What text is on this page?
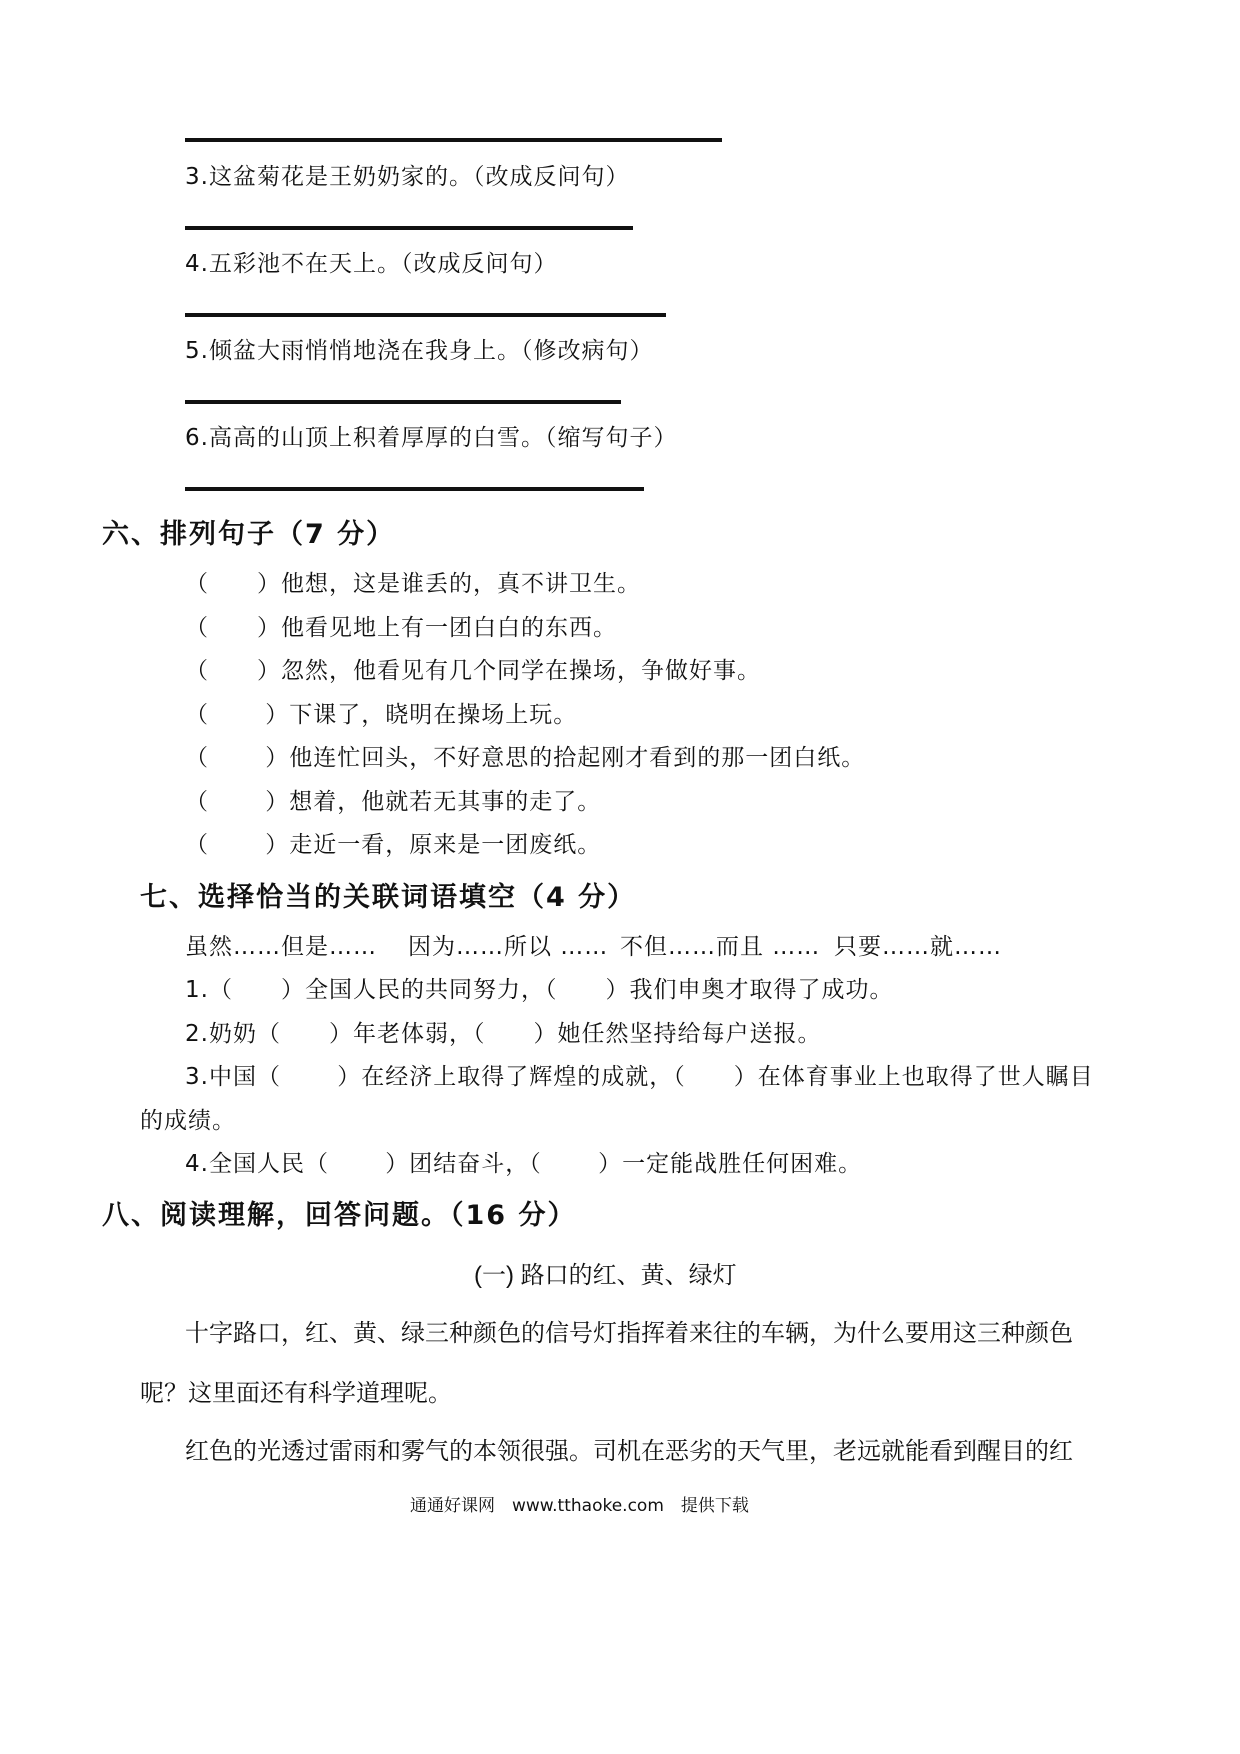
3.这盆菊花是王奶奶家的。（改成反问句）
4.五彩池不在天上。（改成反问句）
5.倾盆大雨悄悄地浇在我身上。（修改病句）
6.高高的山顶上积着厚厚的白雪。（缩写句子）
六、排列句子（7 分）
（　　）他想，这是谁丢的，真不讲卫生。
（　　）他看见地上有一团白白的东西。
（　　）忽然，他看见有几个同学在操场，争做好事。
（　　 ）下课了，晓明在操场上玩。
（　　 ）他连忙回头，不好意思的拾起刚才看到的那一团白纸。
（　　 ）想着，他就若无其事的走了。
（　　 ）走近一看，原来是一团废纸。
七、选择恰当的关联词语填空（4 分）
虽然……但是…… 因为……所以 …… 不但……而且 …… 只要……就……
1.（　　）全国人民的共同努力，（　　）我们申奥才取得了成功。
2.奶奶（　　）年老体弱，（　　）她任然坚持给每户送报。
3.中国（　　 ）在经济上取得了辉煌的成就，（　　）在体育事业上也取得了世人瞩目
的成绩。
4.全国人民（　　 ）团结奋斗，（　　 ）一定能战胜任何困难。
八、阅读理解，回答问题。（16 分）
(一) 路口的红、黄、绿灯
十字路口，红、黄、绿三种颜色的信号灯指挥着来往的车辆，为什么要用这三种颜色
呢？这里面还有科学道理呢。
红色的光透过雷雨和雾气的本领很强。司机在恶劣的天气里，老远就能看到醒目的红
通通好课网　www.tthaoke.com　提供下载
